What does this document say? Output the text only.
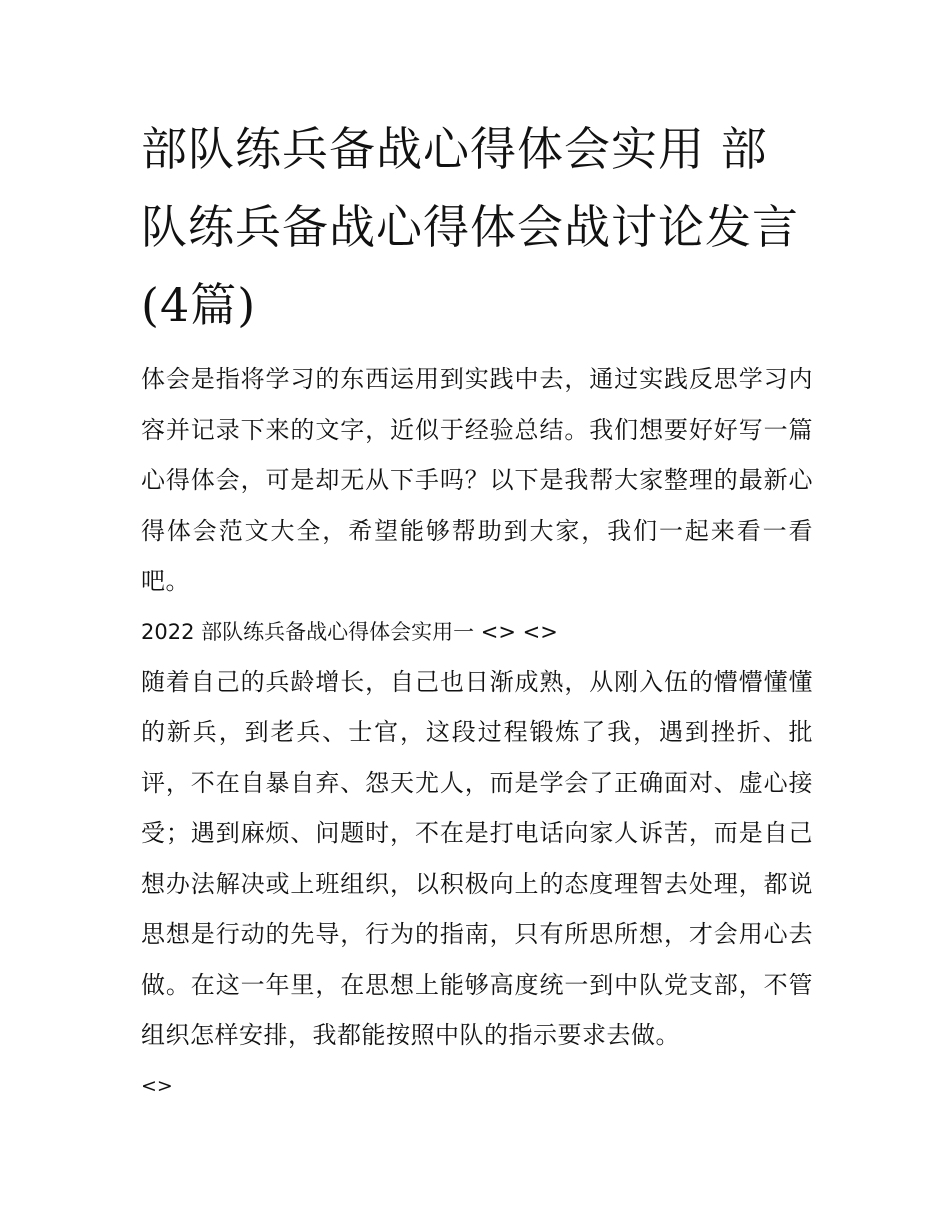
部队练兵备战心得体会实用 部队练兵备战心得体会战讨论发言(4篇)

体会是指将学习的东西运用到实践中去，通过实践反思学习内容并记录下来的文字，近似于经验总结。我们想要好好写一篇心得体会，可是却无从下手吗？以下是我帮大家整理的最新心得体会范文大全，希望能够帮助到大家，我们一起来看一看吧。

2022 部队练兵备战心得体会实用一 <> <>

随着自己的兵龄增长，自己也日渐成熟，从刚入伍的懵懵懂懂的新兵，到老兵、士官，这段过程锻炼了我，遇到挫折、批评，不在自暴自弃、怨天尤人，而是学会了正确面对、虚心接受；遇到麻烦、问题时，不在是打电话向家人诉苦，而是自己想办法解决或上班组织，以积极向上的态度理智去处理，都说思想是行动的先导，行为的指南，只有所思所想，才会用心去做。在这一年里，在思想上能够高度统一到中队党支部，不管组织怎样安排，我都能按照中队的指示要求去做。

<>
